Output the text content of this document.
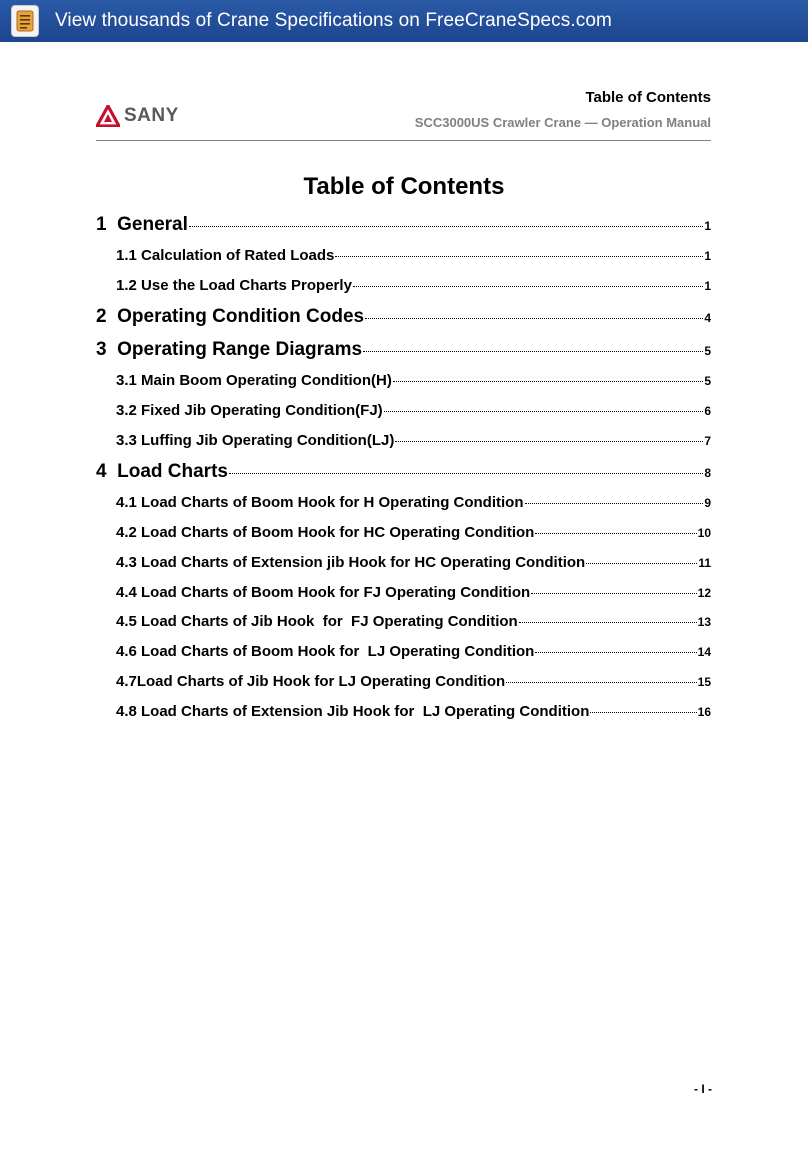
View thousands of Crane Specifications on FreeCraneSpecs.com
SANY
Table of Contents
SCC3000US Crawler Crane — Operation Manual
Table of Contents
1  General	1
1.1 Calculation of Rated Loads	1
1.2 Use the Load Charts Properly	1
2  Operating Condition Codes	4
3  Operating Range Diagrams	5
3.1 Main Boom Operating Condition(H)	5
3.2 Fixed Jib Operating Condition(FJ)	6
3.3 Luffing Jib Operating Condition(LJ)	7
4  Load Charts	8
4.1 Load Charts of Boom Hook for H Operating Condition	9
4.2 Load Charts of Boom Hook for HC Operating Condition	10
4.3 Load Charts of Extension jib Hook for HC Operating Condition	11
4.4 Load Charts of Boom Hook for FJ Operating Condition	12
4.5 Load Charts of Jib Hook  for  FJ Operating Condition	13
4.6 Load Charts of Boom Hook for  LJ Operating Condition	14
4.7Load Charts of Jib Hook for LJ Operating Condition	15
4.8 Load Charts of Extension Jib Hook for  LJ Operating Condition	16
- I -
